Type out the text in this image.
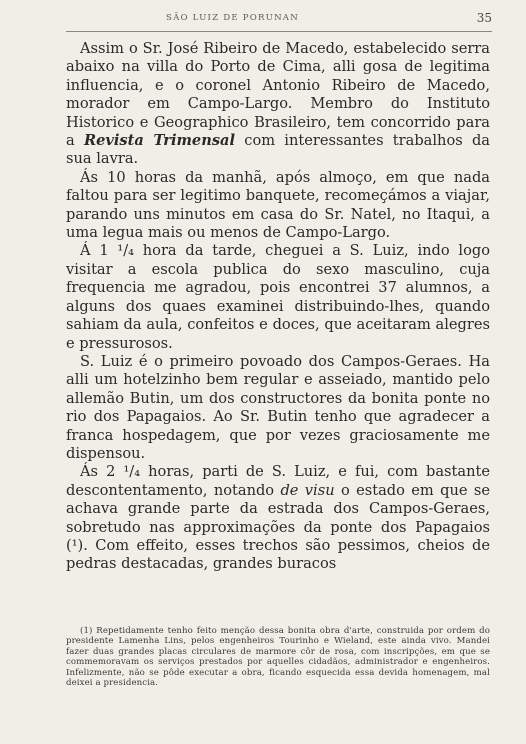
SÃO LUIZ DE PORUNAN	35

Assim o Sr. José Ribeiro de Macedo, estabelecido serra abaixo na villa do Porto de Cima, alli gosa de legitima influencia, e o coronel Antonio Ribeiro de Macedo, morador em Campo-Largo. Membro do Instituto Historico e Geographico Brasileiro, tem concorrido para a Revista Trimensal com interessantes trabalhos da sua lavra.

Ás 10 horas da manhã, após almoço, em que nada faltou para ser legitimo banquete, recomeçámos a viajar, parando uns minutos em casa do Sr. Natel, no Itaqui, a uma legua mais ou menos de Campo-Largo.

Á 1 ¹/₄ hora da tarde, cheguei a S. Luiz, indo logo visitar a escola publica do sexo masculino, cuja frequencia me agradou, pois encontrei 37 alumnos, a alguns dos quaes examinei distribuindo-lhes, quando sahiam da aula, confeitos e doces, que aceitaram alegres e pressurosos.

S. Luiz é o primeiro povoado dos Campos-Geraes. Ha alli um hotelzinho bem regular e asseiado, mantido pelo allemão Butin, um dos constructores da bonita ponte no rio dos Papagaios. Ao Sr. Butin tenho que agradecer a franca hospedagem, que por vezes graciosamente me dispensou.

Ás 2 ¹/₄ horas, parti de S. Luiz, e fui, com bastante descontentamento, notando de visu o estado em que se achava grande parte da estrada dos Campos-Geraes, sobretudo nas approximações da ponte dos Papagaios (¹). Com effeito, esses trechos são pessimos, cheios de pedras destacadas, grandes buracos

(1) Repetidamente tenho feito menção dessa bonita obra d'arte, construida por ordem do presidente Lamenha Lins, pelos engenheiros Tourinho e Wieland, este ainda vivo. Mandei fazer duas grandes placas circulares de marmore côr de rosa, com inscripções, em que se commemoravam os serviços prestados por aquelles cidadãos, administrador e engenheiros. Infelizmente, não se pôde executar a obra, ficando esquecida essa devida homenagem, mal deixei a presidencia.
